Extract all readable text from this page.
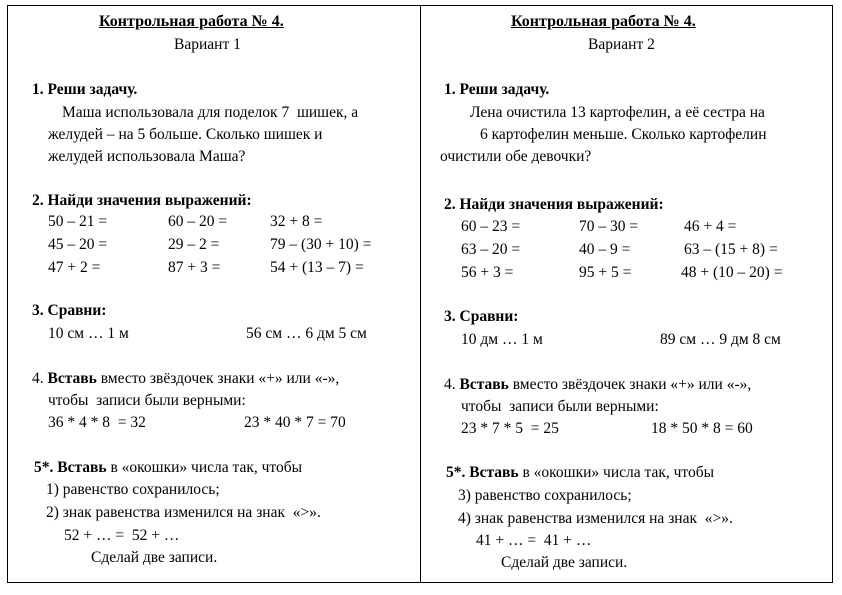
Контрольная работа № 4.
Вариант 1
1. Реши задачу.
Маша использовала для поделок 7  шишек, а
желудей – на 5 больше. Сколько шишек и
желудей использовала Маша?
2. Найди значения выражений:
50 – 21 =	60 – 20 =	32 + 8 =
45 – 20 =	29 – 2 =	79 – (30 + 10) =
47 + 2 =	87 + 3 =	54 + (13 – 7) =
3. Сравни:
10 см … 1 м	56 см … 6 дм 5 см
4. Вставь вместо звёздочек знаки «+» или «-»,
чтобы  записи были верными:
36 * 4 * 8  = 32	23 * 40 * 7 = 70
5*. Вставь в «окошки» числа так, чтобы
1) равенство сохранилось;
2) знак равенства изменился на знак  «>».
52 + … =  52 + …
Сделай две записи.
Контрольная работа № 4.
Вариант 2
1. Реши задачу.
Лена очистила 13 картофелин, а её сестра на
6 картофелин меньше. Сколько картофелин
очистили обе девочки?
2. Найди значения выражений:
60 – 23 =	70 – 30 =	46 + 4 =
63 – 20 =	40 – 9 =	63 – (15 + 8) =
56 + 3 =	95 + 5 =	48 + (10 – 20) =
3. Сравни:
10 дм … 1 м	89 см … 9 дм 8 см
4. Вставь вместо звёздочек знаки «+» или «-»,
чтобы  записи были верными:
23 * 7 * 5  = 25	18 * 50 * 8 = 60
5*. Вставь в «окошки» числа так, чтобы
3) равенство сохранилось;
4) знак равенства изменился на знак  «>».
41 + … =  41 + …
Сделай две записи.
